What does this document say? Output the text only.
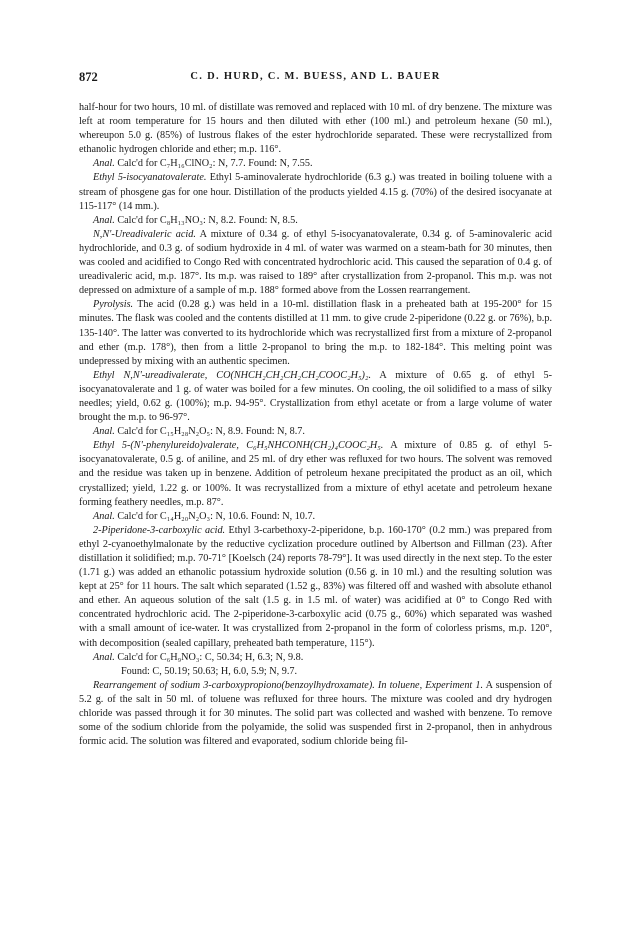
872	C. D. HURD, C. M. BUESS, AND L. BAUER

half-hour for two hours, 10 ml. of distillate was removed and replaced with 10 ml. of dry benzene. The mixture was left at room temperature for 15 hours and then diluted with ether (100 ml.) and petroleum hexane (50 ml.), whereupon 5.0 g. (85%) of lustrous flakes of the ester hydrochloride separated. These were recrystallized from ethanolic hydrogen chloride and ether; m.p. 116°.

Anal. Calc'd for C₇H₁₆ClNO₂: N, 7.7. Found: N, 7.55.

Ethyl 5-isocyanatovalerate. Ethyl 5-aminovalerate hydrochloride (6.3 g.) was treated in boiling toluene with a stream of phosgene gas for one hour. Distillation of the products yielded 4.15 g. (70%) of the desired isocyanate at 115-117° (14 mm.).

Anal. Calc'd for C₈H₁₃NO₃: N, 8.2. Found: N, 8.5.

N,N'-Ureadivaleric acid. A mixture of 0.34 g. of ethyl 5-isocyanatovalerate, 0.34 g. of 5-aminovaleric acid hydrochloride, and 0.3 g. of sodium hydroxide in 4 ml. of water was warmed on a steam-bath for 30 minutes, then was cooled and acidified to Congo Red with concentrated hydrochloric acid. This caused the separation of 0.4 g. of ureadivaleric acid, m.p. 187°. Its m.p. was raised to 189° after crystallization from 2-propanol. This m.p. was not depressed on admixture of a sample of m.p. 188° formed above from the Lossen rearrangement.

Pyrolysis. The acid (0.28 g.) was held in a 10-ml. distillation flask in a preheated bath at 195-200° for 15 minutes. The flask was cooled and the contents distilled at 11 mm. to give crude 2-piperidone (0.22 g. or 76%), b.p. 135-140°. The latter was converted to its hydrochloride which was recrystallized first from a mixture of 2-propanol and ether (m.p. 178°), then from a little 2-propanol to bring the m.p. to 182-184°. This melting point was undepressed by mixing with an authentic specimen.

Ethyl N,N'-ureadivalerate, CO(NHCH₂CH₂CH₂CH₂COOC₂H₅)₂. A mixture of 0.65 g. of ethyl 5-isocyanatovalerate and 1 g. of water was boiled for a few minutes. On cooling, the oil solidified to a mass of silky needles; yield, 0.62 g. (100%); m.p. 94-95°. Crystallization from ethyl acetate or from a large volume of water brought the m.p. to 96-97°.

Anal. Calc'd for C₁₅H₂₈N₂O₅: N, 8.9. Found: N, 8.7.

Ethyl 5-(N'-phenylureido)valerate, C₆H₅NHCONH(CH₂)₄COOC₂H₅. A mixture of 0.85 g. of ethyl 5-isocyanatovalerate, 0.5 g. of aniline, and 25 ml. of dry ether was refluxed for two hours. The solvent was removed and the residue was taken up in benzene. Addition of petroleum hexane precipitated the product as an oil, which crystallized; yield, 1.22 g. or 100%. It was recrystallized from a mixture of ethyl acetate and petroleum hexane forming feathery needles, m.p. 87°.

Anal. Calc'd for C₁₄H₂₀N₂O₃: N, 10.6. Found: N, 10.7.

2-Piperidone-3-carboxylic acid. Ethyl 3-carbethoxy-2-piperidone, b.p. 160-170° (0.2 mm.) was prepared from ethyl 2-cyanoethylmalonate by the reductive cyclization procedure outlined by Albertson and Fillman (23). After distillation it solidified; m.p. 70-71° [Koelsch (24) reports 78-79°]. It was used directly in the next step. To the ester (1.71 g.) was added an ethanolic potassium hydroxide solution (0.56 g. in 10 ml.) and the resulting solution was kept at 25° for 11 hours. The salt which separated (1.52 g., 83%) was filtered off and washed with absolute ethanol and ether. An aqueous solution of the salt (1.5 g. in 1.5 ml. of water) was acidified at 0° to Congo Red with concentrated hydrochloric acid. The 2-piperidone-3-carboxylic acid (0.75 g., 60%) which separated was washed with a small amount of ice-water. It was crystallized from 2-propanol in the form of colorless prisms, m.p. 120°, with decomposition (sealed capillary, preheated bath temperature, 115°).

Anal. Calc'd for C₆H₉NO₃: C, 50.34; H, 6.3; N, 9.8.

Found: C, 50.19; 50.63; H, 6.0, 5.9; N, 9.7.

Rearrangement of sodium 3-carboxypropiono(benzoylhydroxamate). In toluene, Experiment 1. A suspension of 5.2 g. of the salt in 50 ml. of toluene was refluxed for three hours. The mixture was cooled and dry hydrogen chloride was passed through it for 30 minutes. The solid part was collected and washed with benzene. To remove some of the sodium chloride from the polyamide, the solid was suspended first in 2-propanol, then in anhydrous formic acid. The solution was filtered and evaporated, sodium chloride being fil-
